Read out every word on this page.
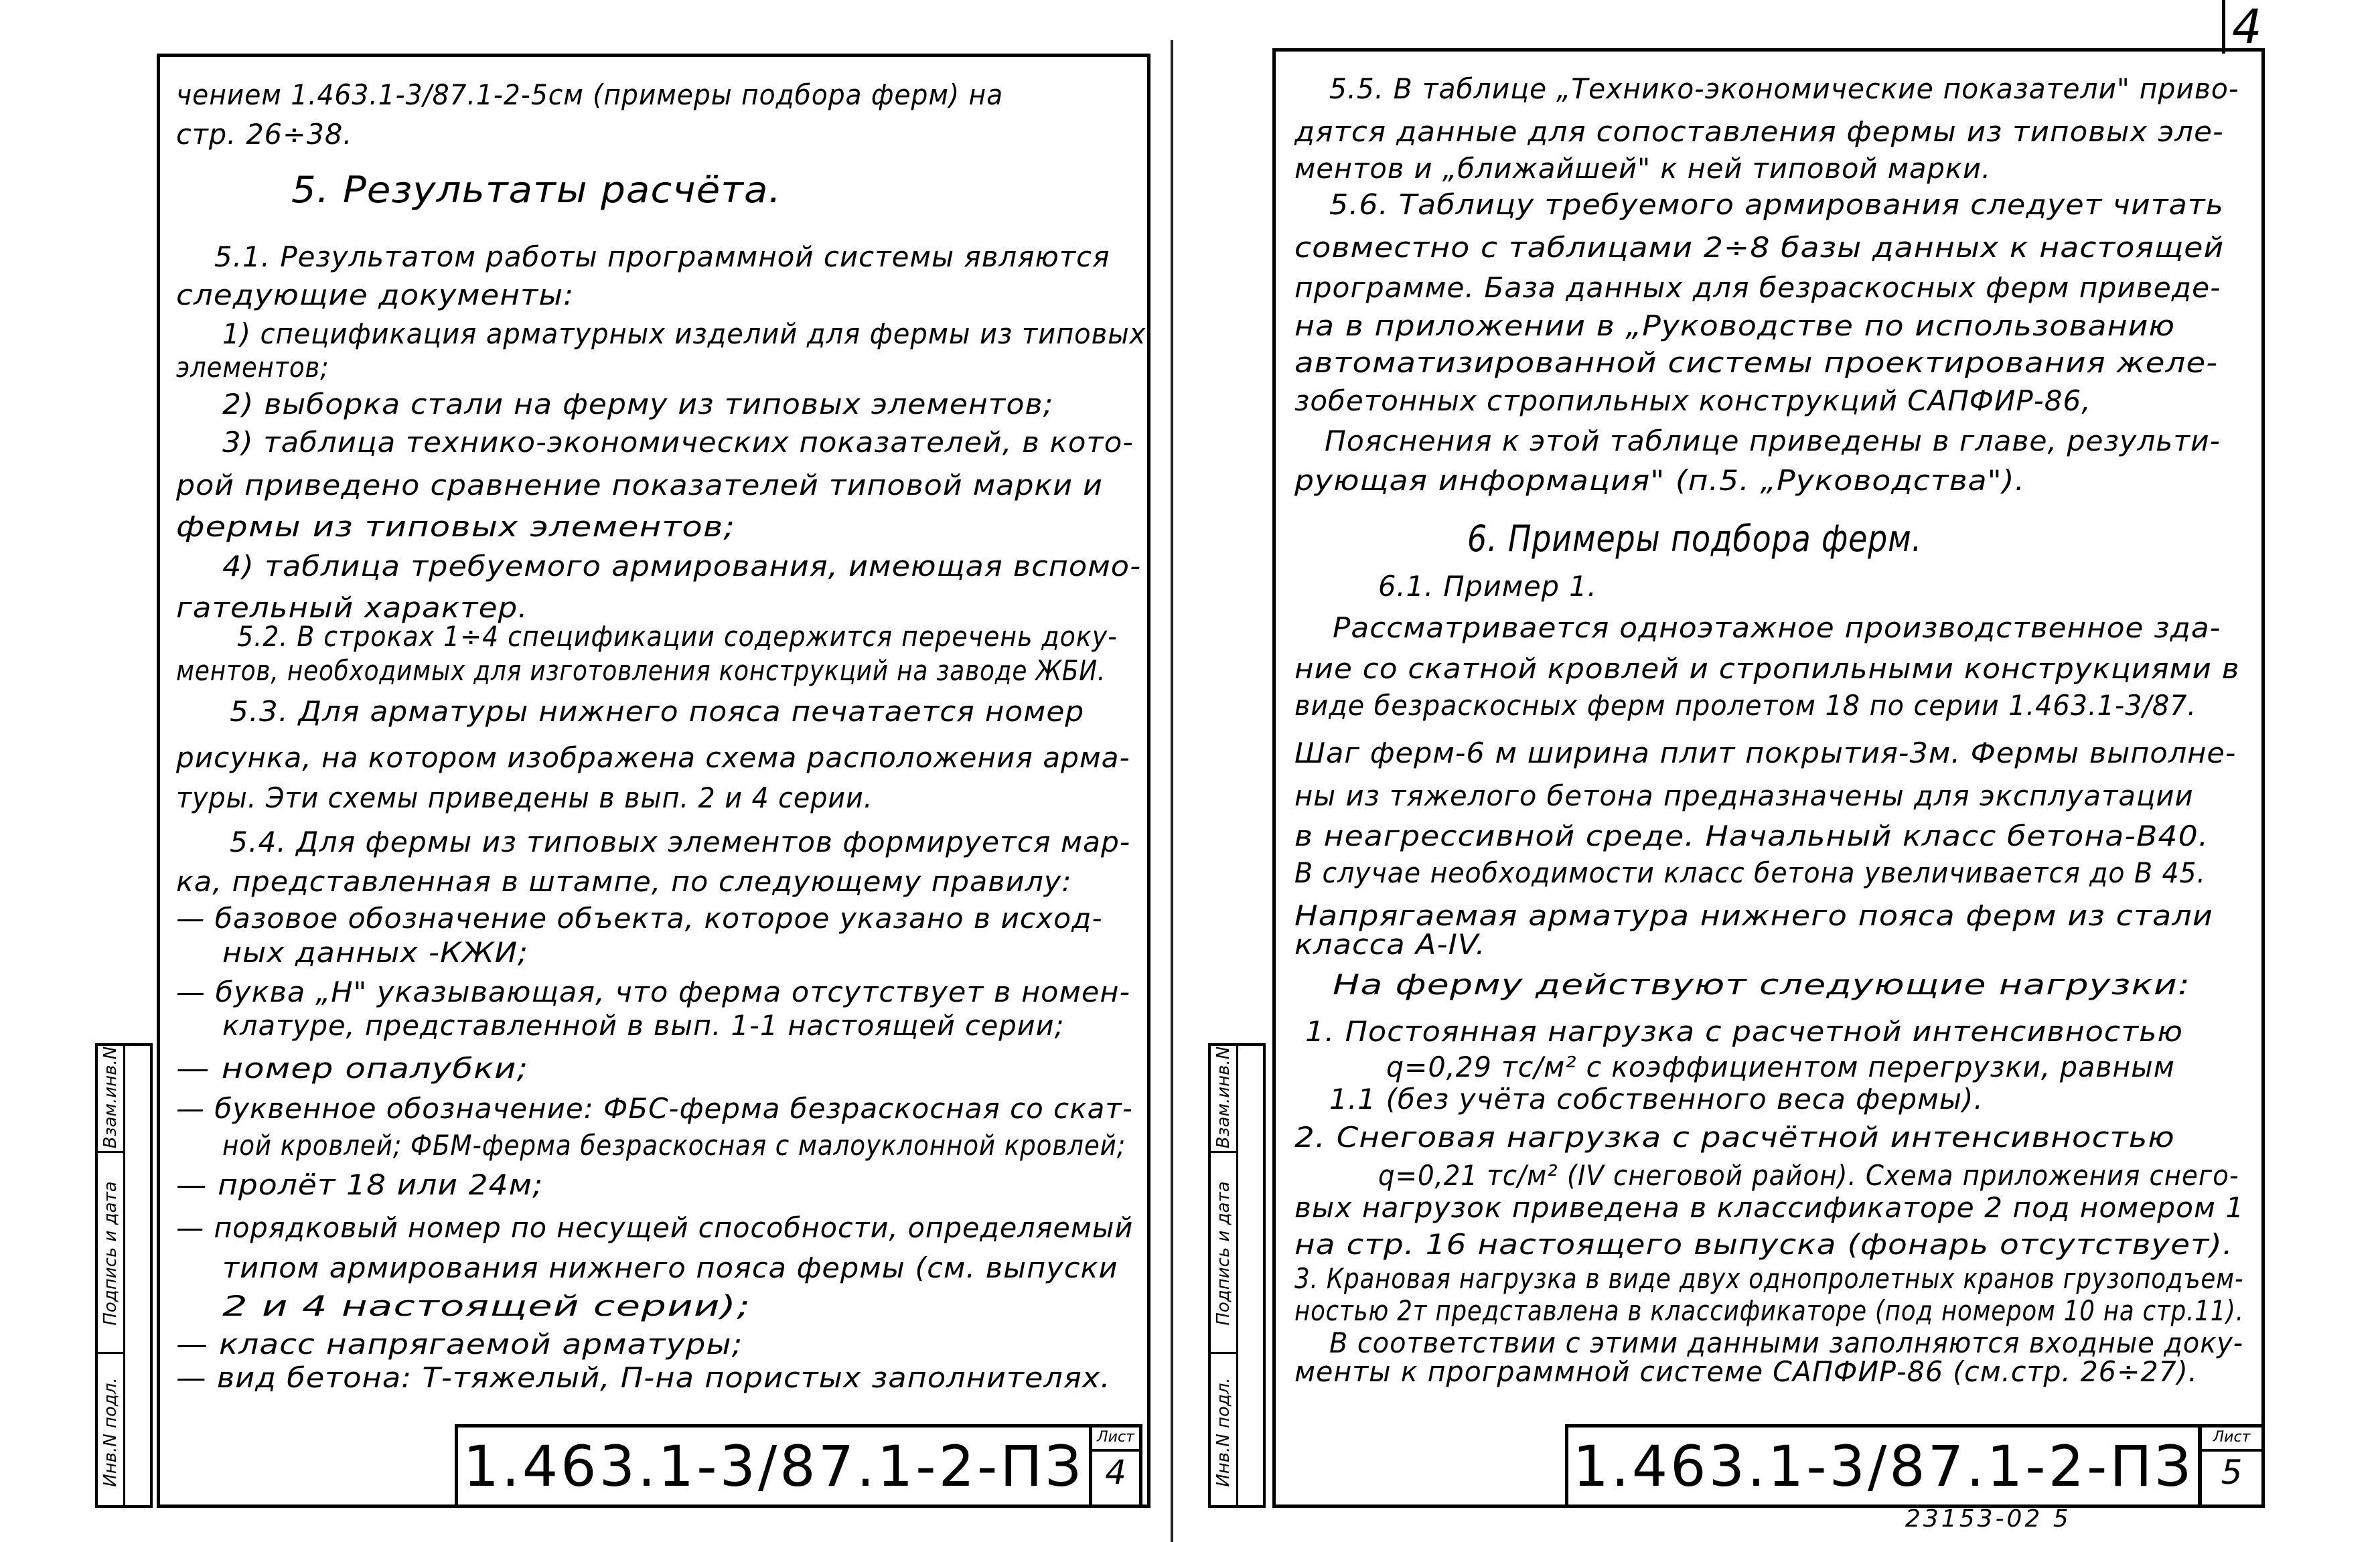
4
чением 1.463.1-3/87.1-2-5см (примеры подбора ферм) на
стр. 26÷38.
5. Результаты расчёта.
5.1. Результатом работы программной системы являются
следующие документы:
1) спецификация арматурных изделий для фермы из типовых
элементов;
2) выборка стали на ферму из типовых элементов;
3) таблица технико-экономических показателей, в кото-
рой приведено сравнение показателей типовой марки и
фермы из типовых элементов;
4) таблица требуемого армирования, имеющая вспомо-
гательный характер.
5.2. В строках 1÷4 спецификации содержится перечень доку-
ментов, необходимых для изготовления конструкций на заводе ЖБИ.
5.3. Для арматуры нижнего пояса печатается номер
рисунка, на котором изображена схема расположения арма-
туры. Эти схемы приведены в вып. 2 и 4 серии.
5.4. Для фермы из типовых элементов формируется мар-
ка, представленная в штампе, по следующему правилу:
— базовое обозначение объекта, которое указано в исход-
ных данных -КЖИ;
— буква „Н" указывающая, что ферма отсутствует в номен-
клатуре, представленной в вып. 1-1 настоящей серии;
— номер опалубки;
— буквенное обозначение: ФБС-ферма безраскосная со скат-
ной кровлей; ФБМ-ферма безраскосная с малоуклонной кровлей;
— пролёт 18 или 24м;
— порядковый номер по несущей способности, определяемый
типом армирования нижнего пояса фермы (см. выпуски
2 и 4 настоящей серии);
— класс напрягаемой арматуры;
— вид бетона: Т-тяжелый, П-на пористых заполнителях.
5.5. В таблице „Технико-экономические показатели" приво-
дятся данные для сопоставления фермы из типовых эле-
ментов и „ближайшей" к ней типовой марки.
5.6. Таблицу требуемого армирования следует читать
совместно с таблицами 2÷8 базы данных к настоящей
программе. База данных для безраскосных ферм приведе-
на в приложении в „Руководстве по использованию
автоматизированной системы проектирования желе-
зобетонных стропильных конструкций САПФИР-86,
Пояснения к этой таблице приведены в главе, результи-
рующая информация" (п.5. „Руководства").
6. Примеры подбора ферм.
6.1. Пример 1.
Рассматривается одноэтажное производственное зда-
ние со скатной кровлей и стропильными конструкциями в
виде безраскосных ферм пролетом 18 по серии 1.463.1-3/87.
Шаг ферм-6 м ширина плит покрытия-3м. Фермы выполне-
ны из тяжелого бетона предназначены для эксплуатации
в неагрессивной среде. Начальный класс бетона-В40.
В случае необходимости класс бетона увеличивается до В 45.
Напрягаемая арматура нижнего пояса ферм из стали
класса А-IV.
На ферму действуют следующие нагрузки:
1. Постоянная нагрузка с расчетной интенсивностью
q=0,29 тс/м² с коэффициентом перегрузки, равным
1.1 (без учёта собственного веса фермы).
2. Снеговая нагрузка с расчётной интенсивностью
q=0,21 тс/м² (IV снеговой район). Схема приложения снего-
вых нагрузок приведена в классификаторе 2 под номером 1
на стр. 16 настоящего выпуска (фонарь отсутствует).
3. Крановая нагрузка в виде двух однопролетных кранов грузоподъем-
ностью 2т представлена в классификаторе (под номером 10 на стр.11).
В соответствии с этими данными заполняются входные доку-
менты к программной системе САПФИР-86 (см.стр. 26÷27).
Взам.инв.N
Подпись и дата
Инв.N подл.
Взам.инв.N
Подпись и дата
Инв.N подл.
1.463.1-3/87.1-2-ПЗ Лист
4	1.463.1-3/87.1-2-ПЗ	Лист
5
23153-02 5
